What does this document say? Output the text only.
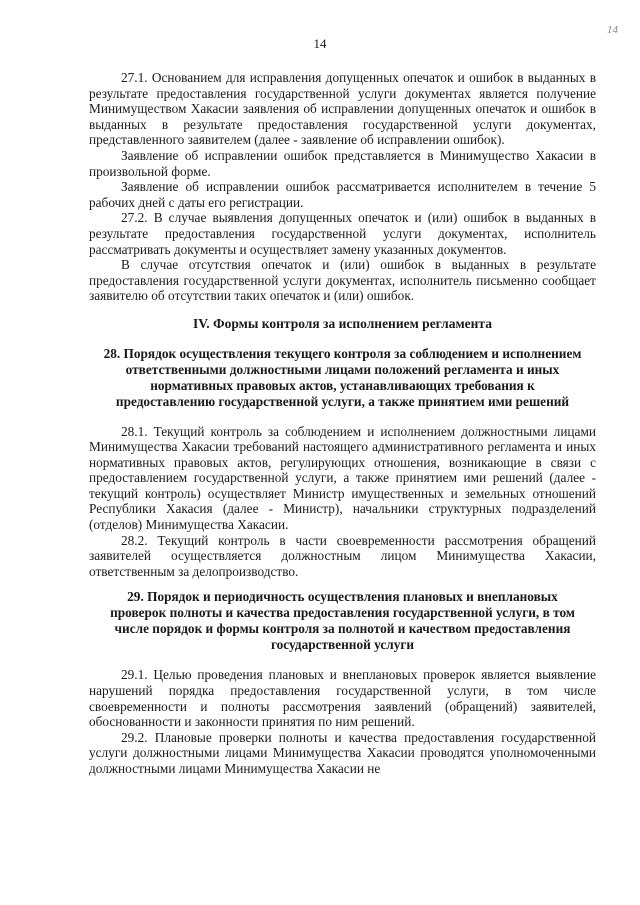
14
14

27.1. Основанием для исправления допущенных опечаток и ошибок в выданных в результате предоставления государственной услуги документах является получение Минимуществом Хакасии заявления об исправлении допущенных опечаток и ошибок в выданных в результате предоставления государственной услуги документах, представленного заявителем (далее - заявление об исправлении ошибок).

Заявление об исправлении ошибок представляется в Минимущество Хакасии в произвольной форме.

Заявление об исправлении ошибок рассматривается исполнителем в течение 5 рабочих дней с даты его регистрации.

27.2. В случае выявления допущенных опечаток и (или) ошибок в выданных в результате предоставления государственной услуги документах, исполнитель рассматривать документы и осуществляет замену указанных документов.

В случае отсутствия опечаток и (или) ошибок в выданных в результате предоставления государственной услуги документах, исполнитель письменно сообщает заявителю об отсутствии таких опечаток и (или) ошибок.

IV. Формы контроля за исполнением регламента
28. Порядок осуществления текущего контроля за соблюдением и исполнением ответственными должностными лицами положений регламента и иных нормативных правовых актов, устанавливающих требования к предоставлению государственной услуги, а также принятием ими решений

28.1. Текущий контроль за соблюдением и исполнением должностными лицами Минимущества Хакасии требований настоящего административного регламента и иных нормативных правовых актов, регулирующих отношения, возникающие в связи с предоставлением государственной услуги, а также принятием ими решений (далее - текущий контроль) осуществляет Министр имущественных и земельных отношений Республики Хакасия (далее - Министр), начальники структурных подразделений (отделов) Минимущества Хакасии.

28.2. Текущий контроль в части своевременности рассмотрения обращений заявителей осуществляется должностным лицом Минимущества Хакасии, ответственным за делопроизводство.

29. Порядок и периодичность осуществления плановых и внеплановых проверок полноты и качества предоставления государственной услуги, в том числе порядок и формы контроля за полнотой и качеством предоставления государственной услуги

29.1. Целью проведения плановых и внеплановых проверок является выявление нарушений порядка предоставления государственной услуги, в том числе своевременности и полноты рассмотрения заявлений (обращений) заявителей, обоснованности и законности принятия по ним решений.

29.2. Плановые проверки полноты и качества предоставления государственной услуги должностными лицами Минимущества Хакасии проводятся уполномоченными должностными лицами Минимущества Хакасии не
